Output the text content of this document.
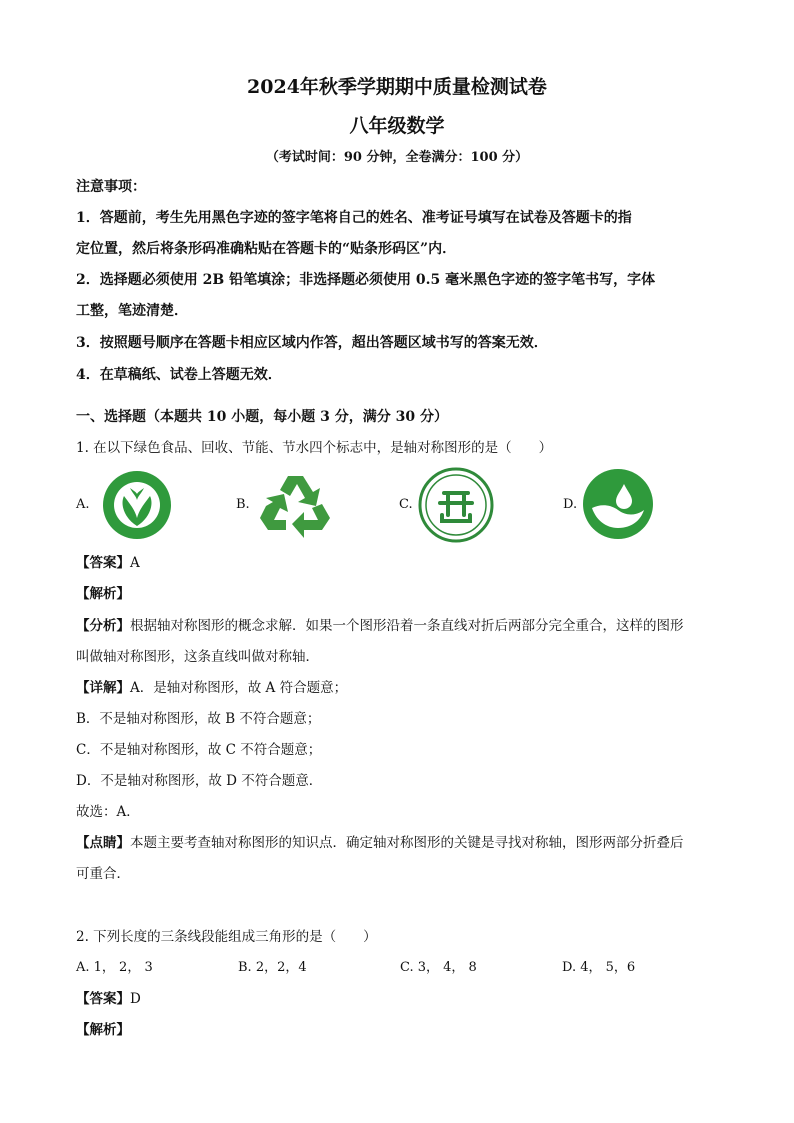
2024年秋季学期期中质量检测试卷
八年级数学
（考试时间：90 分钟，全卷满分：100 分）
注意事项：
1．答题前，考生先用黑色字迹的签字笔将自己的姓名、准考证号填写在试卷及答题卡的指
定位置，然后将条形码准确粘贴在答题卡的“贴条形码区”内．
2．选择题必须使用 2B 铅笔填涂；非选择题必须使用 0.5 毫米黑色字迹的签字笔书写，字体
工整，笔迹清楚．
3．按照题号顺序在答题卡相应区域内作答，超出答题区域书写的答案无效．
4．在草稿纸、试卷上答题无效．
一、选择题（本题共 10 小题，每小题 3 分，满分 30 分）
1. 在以下绿色食品、回收、节能、节水四个标志中，是轴对称图形的是（　　）
A.	B.	C.	D.
【答案】A
【解析】
【分析】根据轴对称图形的概念求解．如果一个图形沿着一条直线对折后两部分完全重合，这样的图形
叫做轴对称图形，这条直线叫做对称轴．
【详解】A．是轴对称图形，故 A 符合题意；
B．不是轴对称图形，故 B 不符合题意；
C．不是轴对称图形，故 C 不符合题意；
D．不是轴对称图形，故 D 不符合题意．
故选：A．
【点睛】本题主要考查轴对称图形的知识点．确定轴对称图形的关键是寻找对称轴，图形两部分折叠后
可重合．
2. 下列长度的三条线段能组成三角形的是（　　）
A. 1， 2， 3	B. 2，2，4	C. 3， 4， 8	D. 4， 5，6
【答案】D
【解析】
